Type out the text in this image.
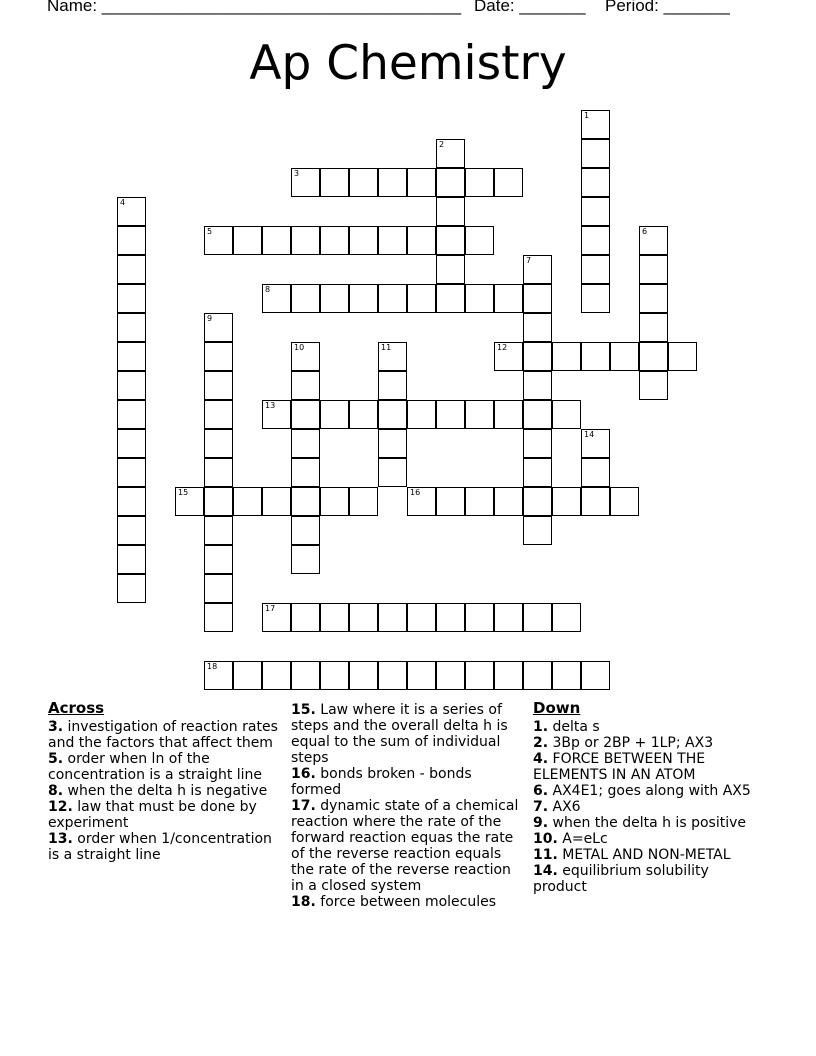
Name: ______________________________________ Date: _______ Period: _______
Ap Chemistry
1
2
3
4
5	6
7
8
9
10	11	12
13
14
15	16
17
18
Across
3. investigation of reaction rates and the factors that affect them
5. order when ln of the concentration is a straight line
8. when the delta h is negative
12. law that must be done by experiment
13. order when 1/concentration is a straight line
15. Law where it is a series of steps and the overall delta h is equal to the sum of individual steps
16. bonds broken - bonds formed
17. dynamic state of a chemical reaction where the rate of the forward reaction equas the rate of the reverse reaction equals the rate of the reverse reaction in a closed system
18. force between molecules
Down
1. delta s
2. 3Bp or 2BP + 1LP; AX3
4. FORCE BETWEEN THE ELEMENTS IN AN ATOM
6. AX4E1; goes along with AX5
7. AX6
9. when the delta h is positive
10. A=eLc
11. METAL AND NON-METAL
14. equilibrium solubility product
